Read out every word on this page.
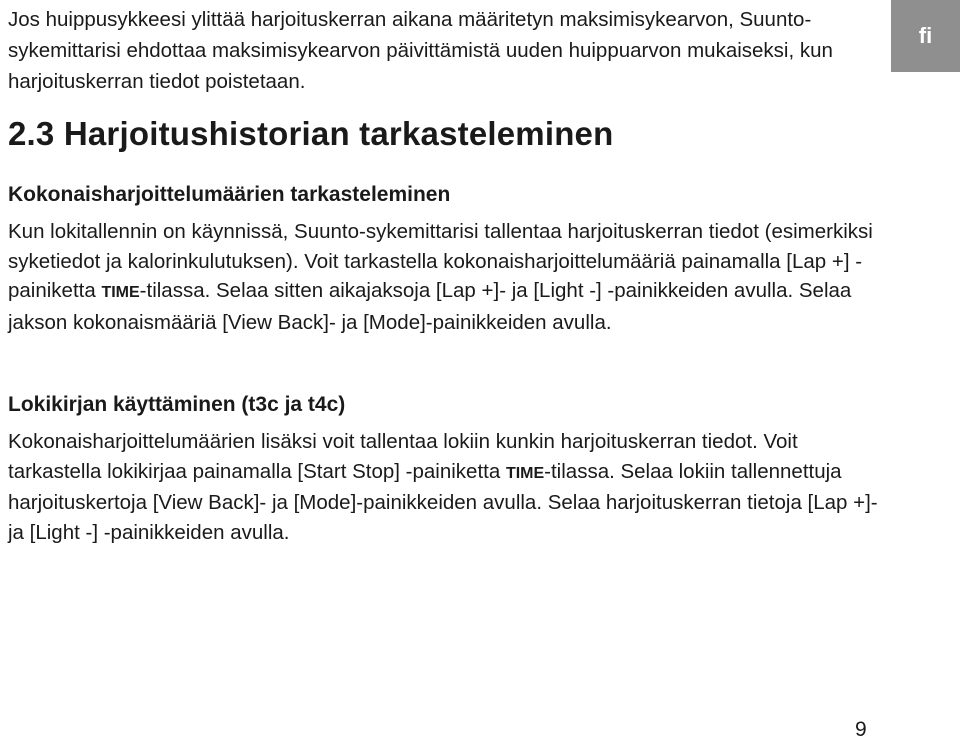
Jos huippusykkeesi ylittää harjoituskerran aikana määritetyn maksimisykearvon, Suunto-sykemittarisi ehdottaa maksimisykearvon päivittämistä uuden huippuarvon mukaiseksi, kun harjoituskerran tiedot poistetaan.

fi
2.3 Harjoitushistorian tarkasteleminen
Kokonaisharjoittelumäärien tarkasteleminen

Kun lokitallennin on käynnissä, Suunto-sykemittarisi tallentaa harjoituskerran tiedot (esimerkiksi syketiedot ja kalorinkulutuksen). Voit tarkastella kokonaisharjoittelumääriä painamalla [Lap +] -painiketta TIME-tilassa. Selaa sitten aikajaksoja [Lap +]- ja [Light -] -painikkeiden avulla. Selaa jakson kokonaismääriä [View Back]- ja [Mode]-painikkeiden avulla.

Lokikirjan käyttäminen (t3c ja t4c)

Kokonaisharjoittelumäärien lisäksi voit tallentaa lokiin kunkin harjoituskerran tiedot. Voit tarkastella lokikirjaa painamalla [Start Stop] -painiketta TIME-tilassa. Selaa lokiin tallennettuja harjoituskertoja [View Back]- ja [Mode]-painikkeiden avulla. Selaa harjoituskerran tietoja [Lap +]- ja [Light -] -painikkeiden avulla.

9
